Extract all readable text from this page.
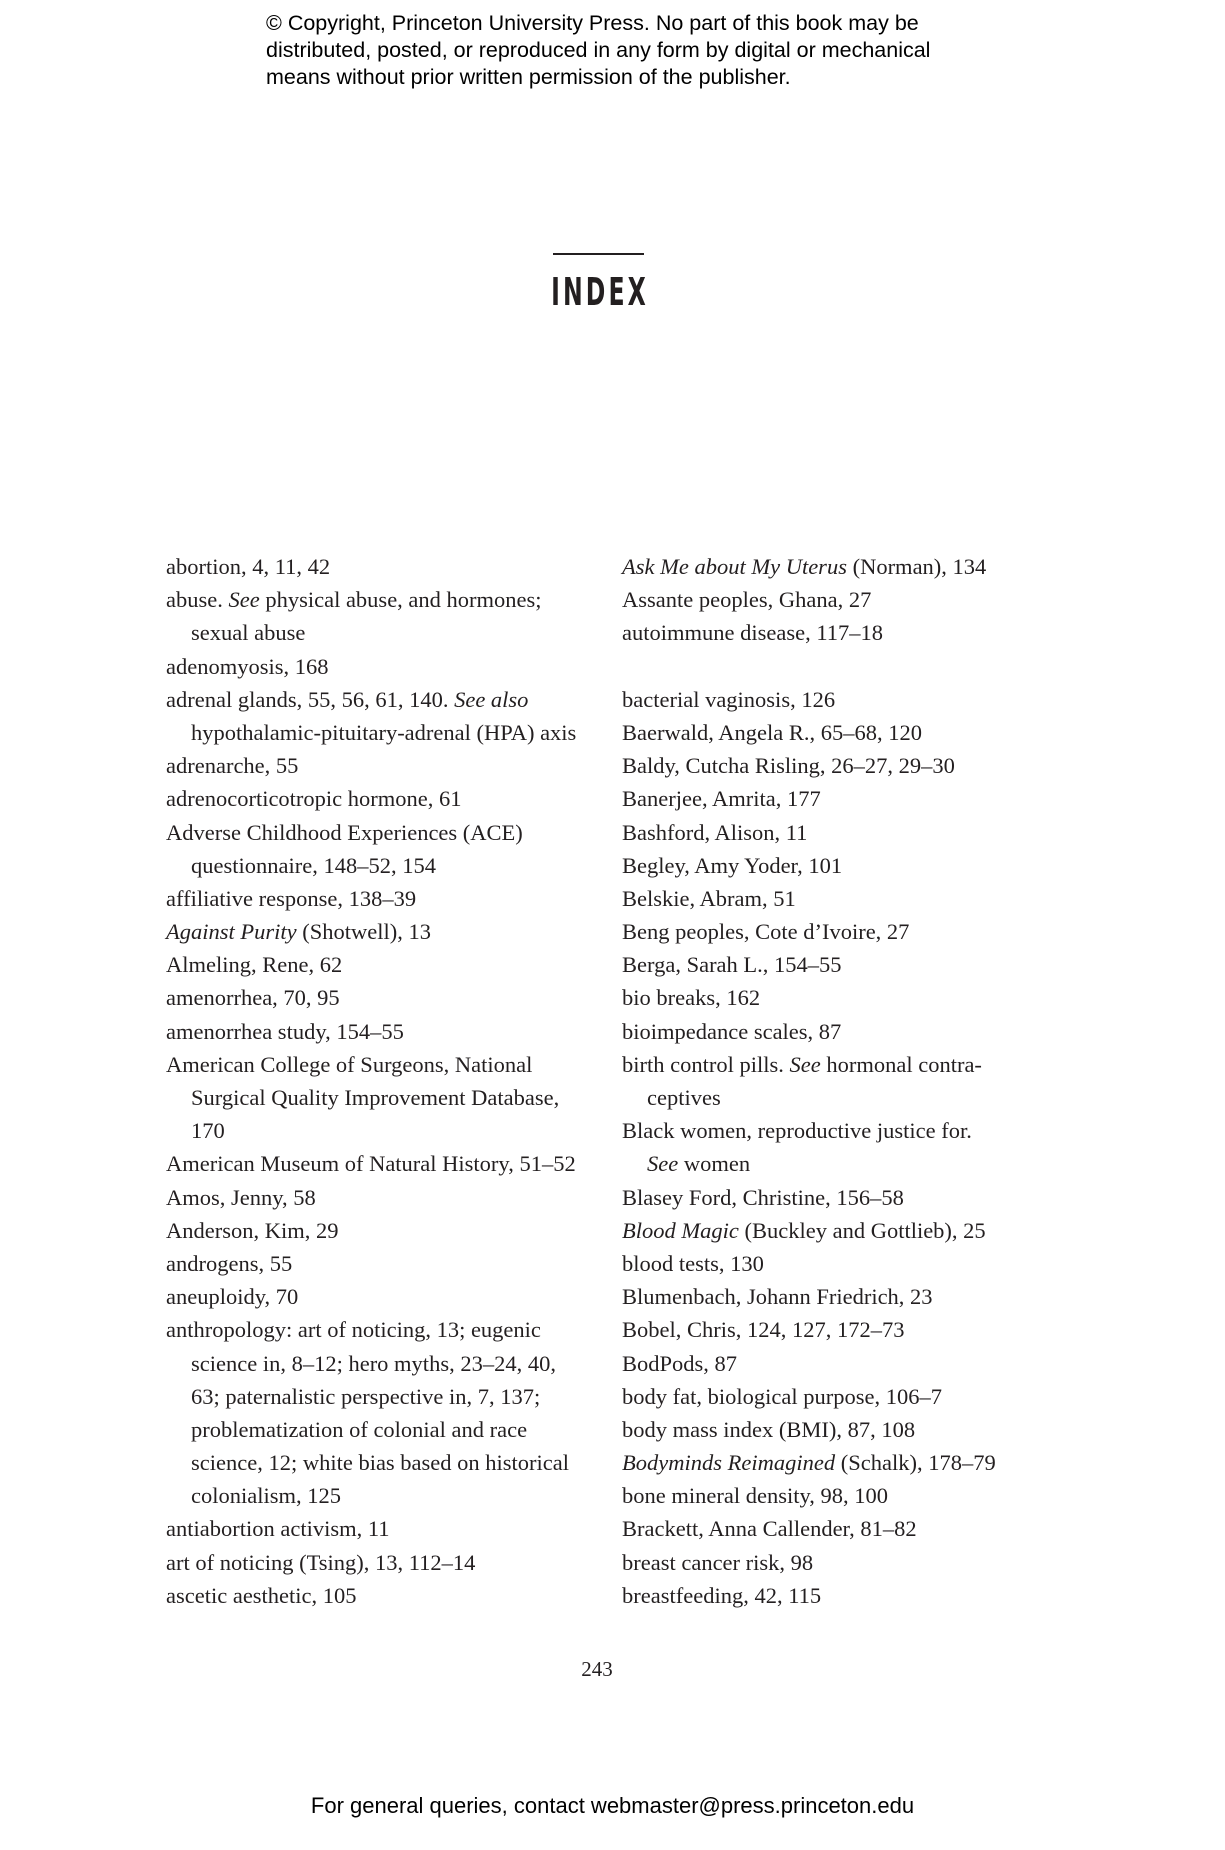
© Copyright, Princeton University Press. No part of this book may be
distributed, posted, or reproduced in any form by digital or mechanical
means without prior written permission of the publisher.
INDEX
abortion, 4, 11, 42
abuse. See physical abuse, and hormones;
sexual abuse
adenomyosis, 168
adrenal glands, 55, 56, 61, 140. See also
hypothalamic-pituitary-adrenal (HPA) axis
adrenarche, 55
adrenocorticotropic hormone, 61
Adverse Childhood Experiences (ACE)
questionnaire, 148–52, 154
affiliative response, 138–39
Against Purity (Shotwell), 13
Almeling, Rene, 62
amenorrhea, 70, 95
amenorrhea study, 154–55
American College of Surgeons, National
Surgical Quality Improvement Database,
170
American Museum of Natural History, 51–52
Amos, Jenny, 58
Anderson, Kim, 29
androgens, 55
aneuploidy, 70
anthropology: art of noticing, 13; eugenic
science in, 8–12; hero myths, 23–24, 40,
63; paternalistic perspective in, 7, 137;
problematization of colonial and race
science, 12; white bias based on historical
colonialism, 125
antiabortion activism, 11
art of noticing (Tsing), 13, 112–14
ascetic aesthetic, 105
Ask Me about My Uterus (Norman), 134
Assante peoples, Ghana, 27
autoimmune disease, 117–18
bacterial vaginosis, 126
Baerwald, Angela R., 65–68, 120
Baldy, Cutcha Risling, 26–27, 29–30
Banerjee, Amrita, 177
Bashford, Alison, 11
Begley, Amy Yoder, 101
Belskie, Abram, 51
Beng peoples, Cote d’Ivoire, 27
Berga, Sarah L., 154–55
bio breaks, 162
bioimpedance scales, 87
birth control pills. See hormonal contra-
ceptives
Black women, reproductive justice for.
See women
Blasey Ford, Christine, 156–58
Blood Magic (Buckley and Gottlieb), 25
blood tests, 130
Blumenbach, Johann Friedrich, 23
Bobel, Chris, 124, 127, 172–73
BodPods, 87
body fat, biological purpose, 106–7
body mass index (BMI), 87, 108
Bodyminds Reimagined (Schalk), 178–79
bone mineral density, 98, 100
Brackett, Anna Callender, 81–82
breast cancer risk, 98
breastfeeding, 42, 115
243
For general queries, contact webmaster@press.princeton.edu
